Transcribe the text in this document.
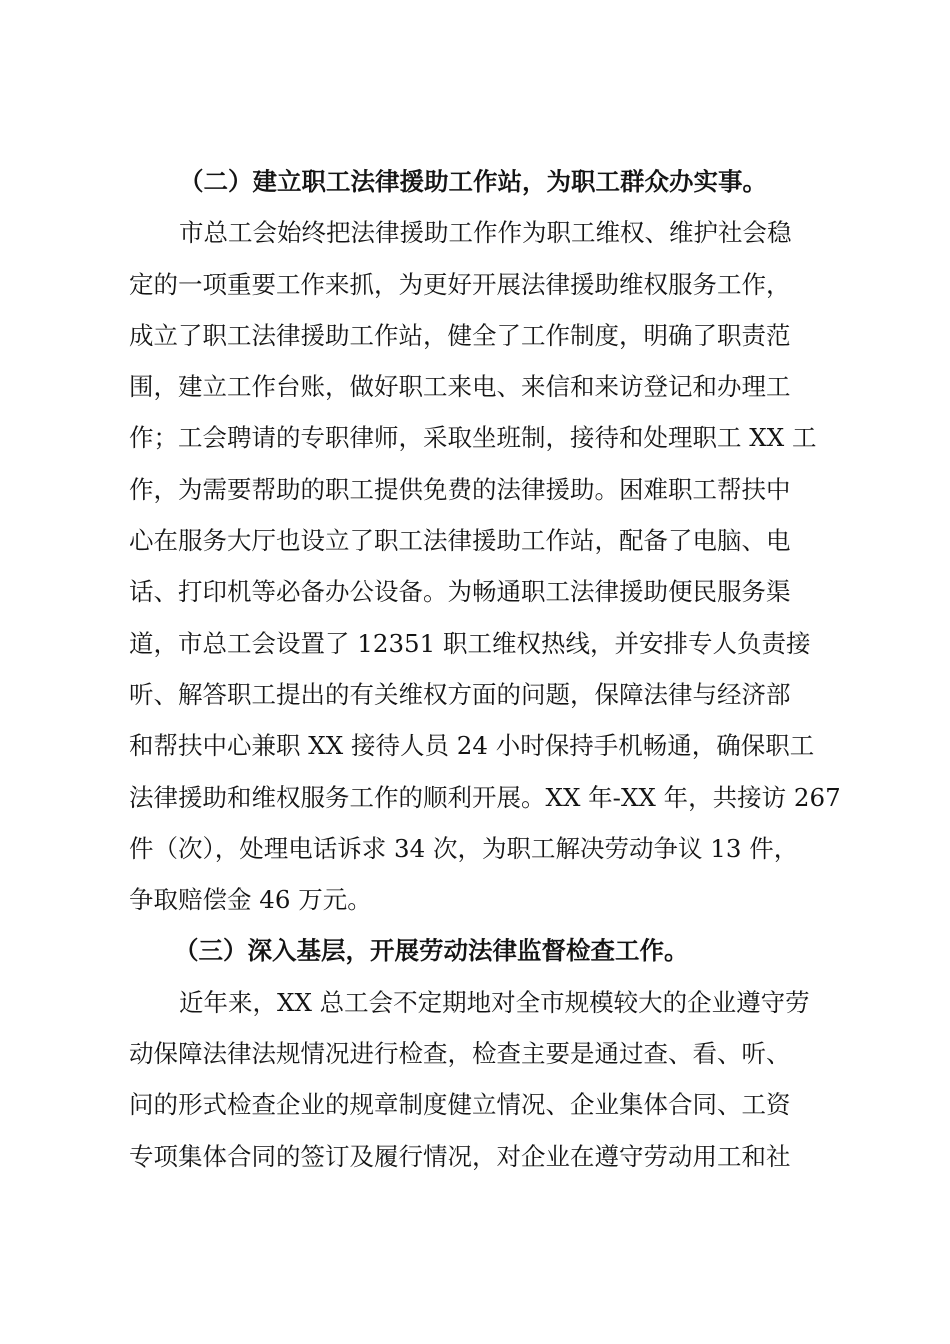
（二）建立职工法律援助工作站，为职工群众办实事。
市总工会始终把法律援助工作作为职工维权、维护社会稳
定的一项重要工作来抓，为更好开展法律援助维权服务工作，
成立了职工法律援助工作站，健全了工作制度，明确了职责范
围，建立工作台账，做好职工来电、来信和来访登记和办理工
作；工会聘请的专职律师，采取坐班制，接待和处理职工 XX 工
作，为需要帮助的职工提供免费的法律援助。困难职工帮扶中
心在服务大厅也设立了职工法律援助工作站，配备了电脑、电
话、打印机等必备办公设备。为畅通职工法律援助便民服务渠
道，市总工会设置了 12351 职工维权热线，并安排专人负责接
听、解答职工提出的有关维权方面的问题，保障法律与经济部
和帮扶中心兼职 XX 接待人员 24 小时保持手机畅通，确保职工
法律援助和维权服务工作的顺利开展。XX 年-XX 年，共接访 267
件（次），处理电话诉求 34 次，为职工解决劳动争议 13 件，
争取赔偿金 46 万元。
（三）深入基层，开展劳动法律监督检查工作。
近年来，XX 总工会不定期地对全市规模较大的企业遵守劳
动保障法律法规情况进行检查，检查主要是通过查、看、听、
问的形式检查企业的规章制度健立情况、企业集体合同、工资
专项集体合同的签订及履行情况，对企业在遵守劳动用工和社
